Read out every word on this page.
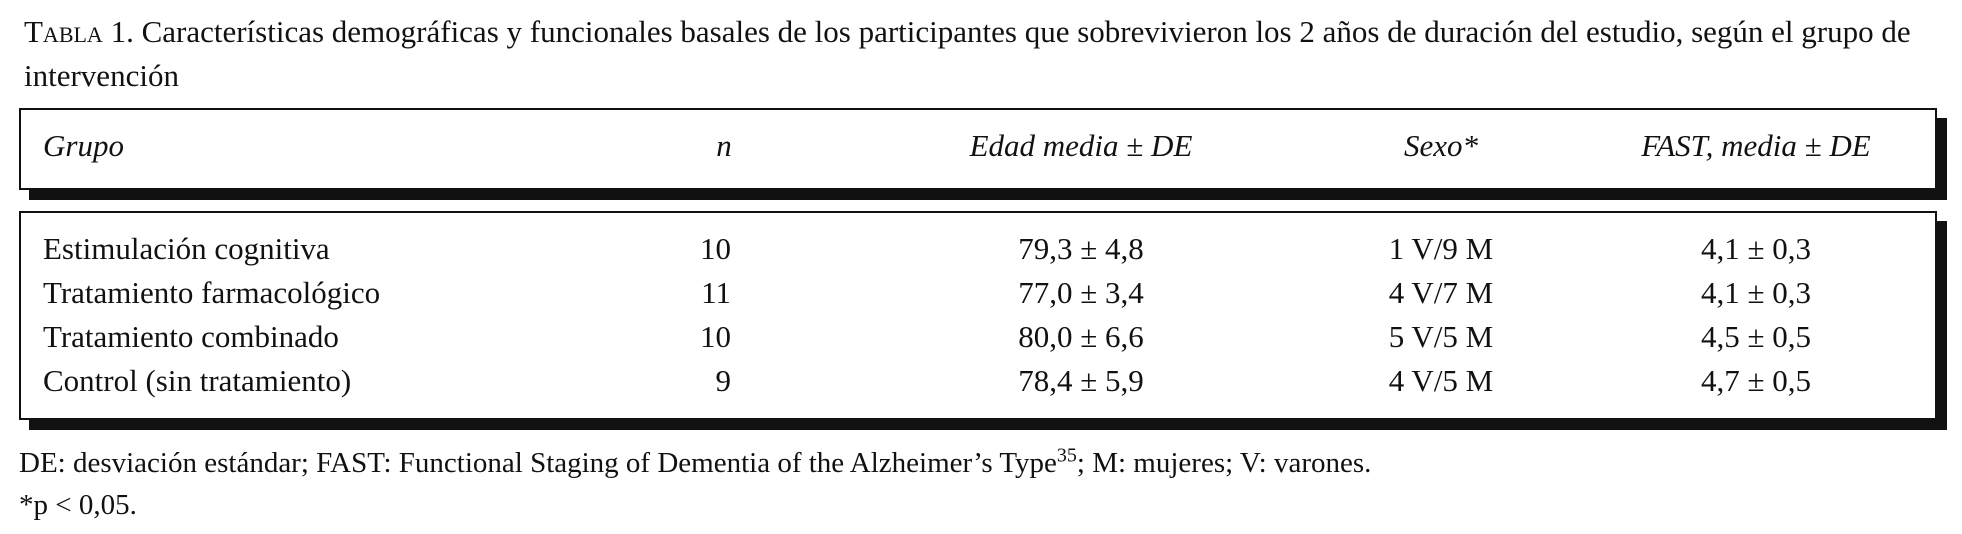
Tabla 1. Características demográficas y funcionales basales de los participantes que sobrevivieron los 2 años de duración del estudio, según el grupo de intervención
Grupo	n	Edad media ± DE	Sexo*	FAST, media ± DE
Estimulación cognitiva	10	79,3 ± 4,8	1 V/9 M	4,1 ± 0,3
Tratamiento farmacológico	11	77,0 ± 3,4	4 V/7 M	4,1 ± 0,3
Tratamiento combinado	10	80,0 ± 6,6	5 V/5 M	4,5 ± 0,5
Control (sin tratamiento)	9	78,4 ± 5,9	4 V/5 M	4,7 ± 0,5
DE: desviación estándar; FAST: Functional Staging of Dementia of the Alzheimer’s Type$^{35}$; M: mujeres; V: varones.
*p < 0,05.
